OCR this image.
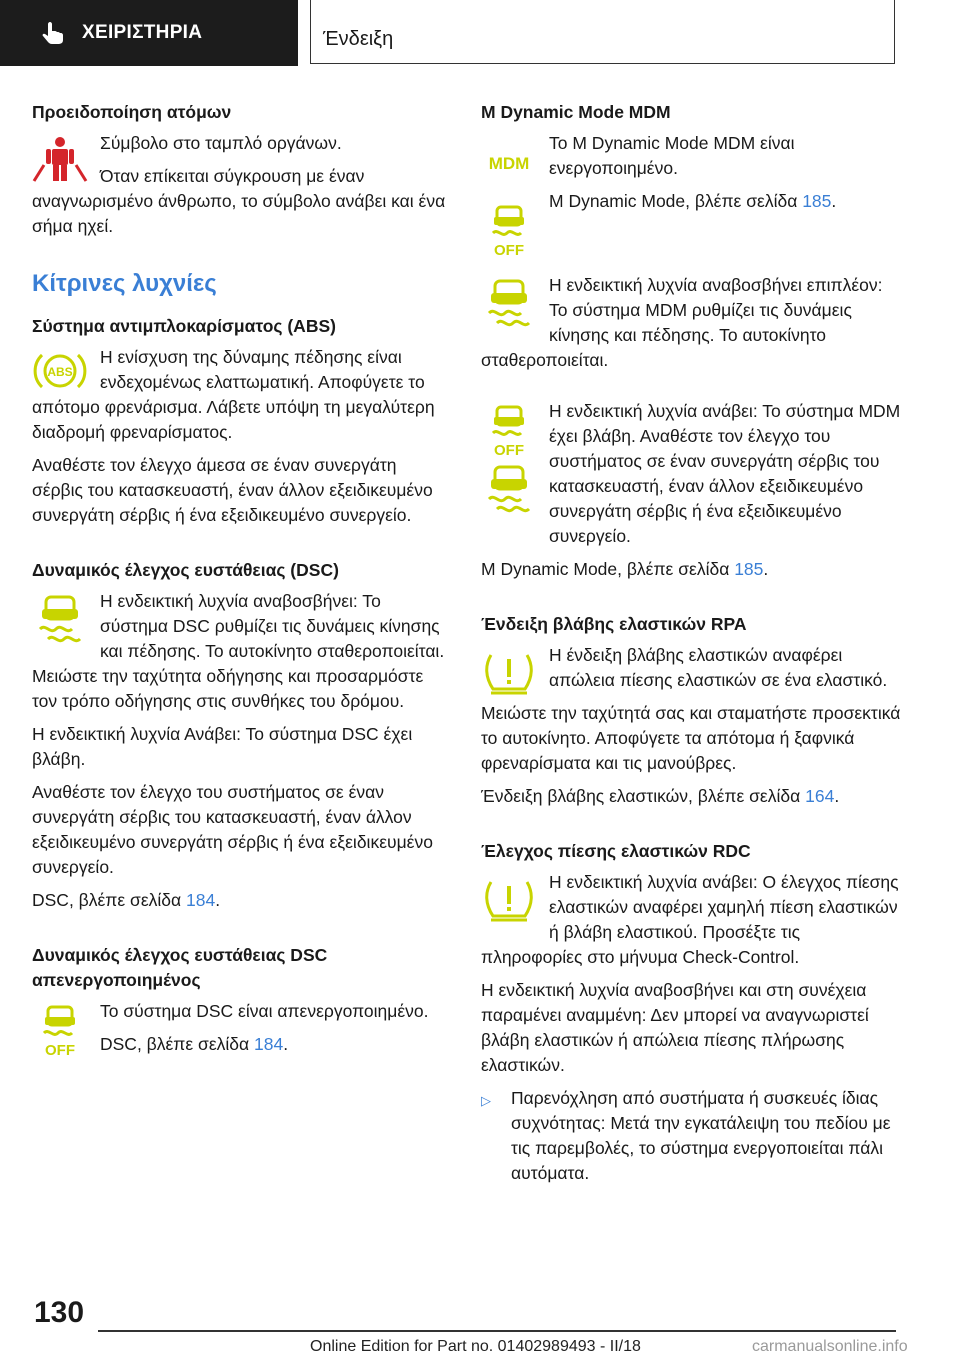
ΧΕΙΡΙΣΤΗΡΙΑ	Ένδειξη
Προειδοποίηση ατόμων

Σύμβολο στο ταμπλό οργάνων.

Όταν επίκειται σύγκρουση με έναν αναγνωρισμένο άνθρωπο, το σύμβολο ανάβει και ένα σήμα ηχεί.

Κίτρινες λυχνίες
Σύστημα αντιμπλοκαρίσματος (ABS)
ABS

Η ενίσχυση της δύναμης πέδησης είναι ενδεχομένως ελαττωματική. Αποφύγετε το απότομο φρενάρισμα. Λάβετε υπόψη τη μεγαλύτερη διαδρομή φρεναρίσματος.

Αναθέστε τον έλεγχο άμεσα σε έναν συνεργάτη σέρβις του κατασκευαστή, έναν άλλον εξειδικευμένο συνεργάτη σέρβις ή ένα εξειδικευμένο συνεργείο.

Δυναμικός έλεγχος ευστάθειας (DSC)

Η ενδεικτική λυχνία αναβοσβήνει: Το σύστημα DSC ρυθμίζει τις δυνάμεις κίνησης και πέδησης. Το αυτοκίνητο σταθεροποιείται. Μειώστε την ταχύτητα οδήγησης και προσαρμόστε τον τρόπο οδήγησης στις συνθήκες του δρόμου.

Η ενδεικτική λυχνία Ανάβει: Το σύστημα DSC έχει βλάβη.

Αναθέστε τον έλεγχο του συστήματος σε έναν συνεργάτη σέρβις του κατασκευαστή, έναν άλλον εξειδικευμένο συνεργάτη σέρβις ή ένα εξειδικευμένο συνεργείο.

DSC, βλέπε σελίδα 184.

Δυναμικός έλεγχος ευστάθειας DSC απενεργοποιημένος
OFF

Το σύστημα DSC είναι απενεργοποιημένο.

DSC, βλέπε σελίδα 184.

M Dynamic Mode MDM
MDM
OFF

Το M Dynamic Mode MDM είναι ενεργοποιημένο.

M Dynamic Mode, βλέπε σελίδα 185.

Η ενδεικτική λυχνία αναβοσβήνει επιπλέον: Το σύστημα MDM ρυθμίζει τις δυνάμεις κίνησης και πέδησης. Το αυτοκίνητο σταθεροποιείται.

OFF

Η ενδεικτική λυχνία ανάβει: Το σύστημα MDM έχει βλάβη. Αναθέστε τον έλεγχο του συστήματος σε έναν συνεργάτη σέρβις του κατασκευαστή, έναν άλλον εξειδικευμένο συνεργάτη σέρβις ή ένα εξειδικευμένο συνεργείο.

M Dynamic Mode, βλέπε σελίδα 185.

Ένδειξη βλάβης ελαστικών RPA

Η ένδειξη βλάβης ελαστικών αναφέρει απώλεια πίεσης ελαστικών σε ένα ελαστικό.

Μειώστε την ταχύτητά σας και σταματήστε προσεκτικά το αυτοκίνητο. Αποφύγετε τα απότομα ή ξαφνικά φρεναρίσματα και τις μανούβρες.

Ένδειξη βλάβης ελαστικών, βλέπε σελίδα 164.

Έλεγχος πίεσης ελαστικών RDC

Η ενδεικτική λυχνία ανάβει: Ο έλεγχος πίεσης ελαστικών αναφέρει χαμηλή πίεση ελαστικών ή βλάβη ελαστικού. Προσέξτε τις πληροφορίες στο μήνυμα Check-Control.

Η ενδεικτική λυχνία αναβοσβήνει και στη συνέχεια παραμένει αναμμένη: Δεν μπορεί να αναγνωριστεί βλάβη ελαστικών ή απώλεια πίεσης πλήρωσης ελαστικών.

▷	Παρενόχληση από συστήματα ή συσκευές ίδιας συχνότητας: Μετά την εγκατάλειψη του πεδίου με τις παρεμβολές, το σύστημα ενεργοποιείται πάλι αυτόματα.
130
Online Edition for Part no. 01402989493 - II/18	carmanualsonline.info
